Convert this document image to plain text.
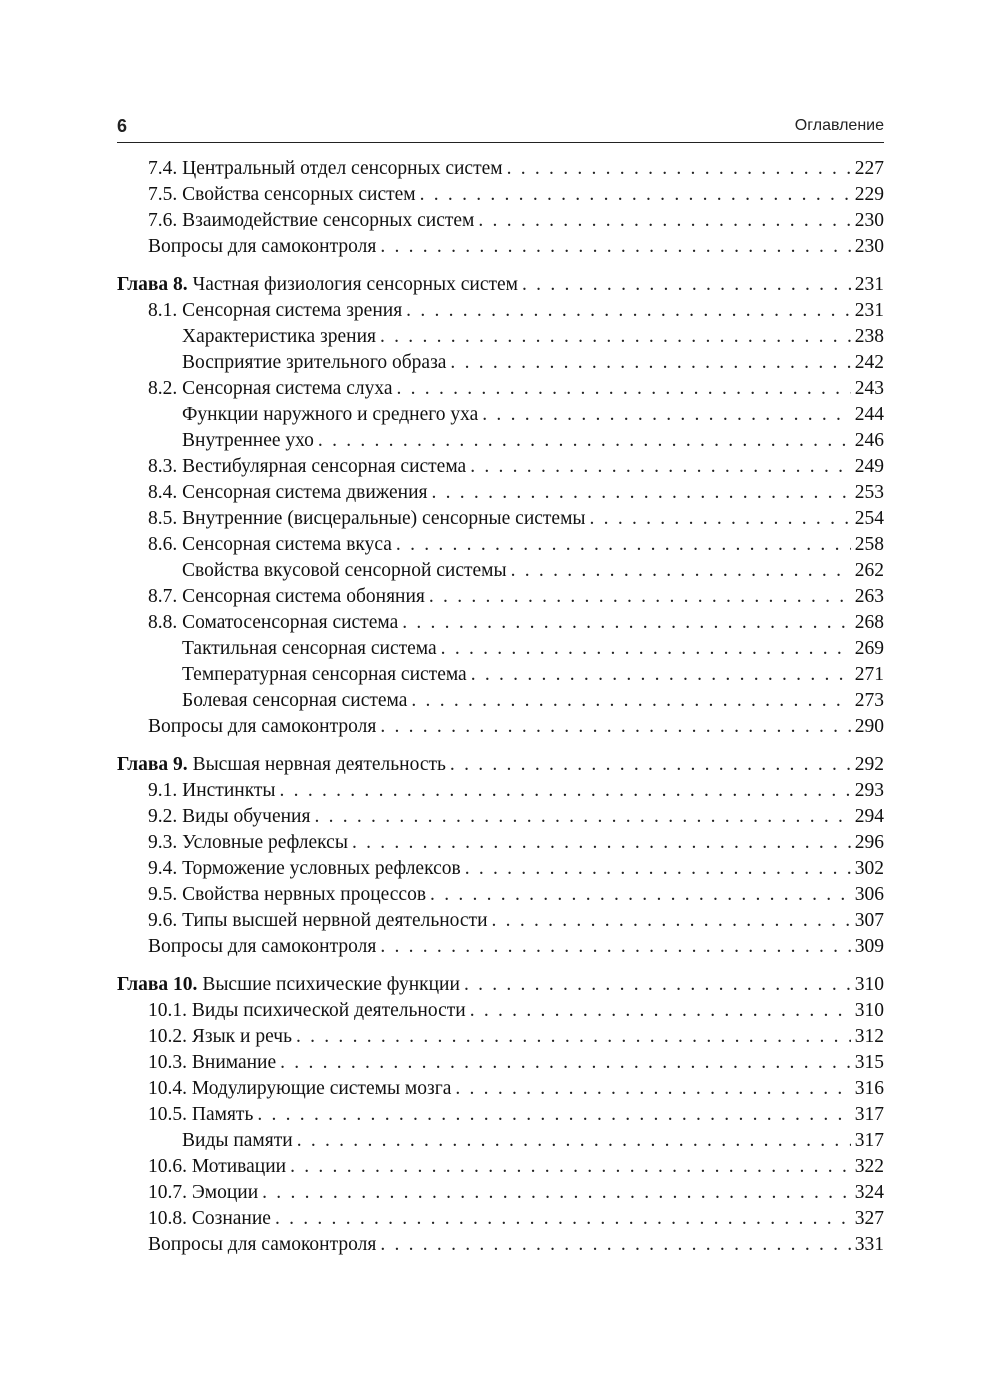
6	Оглавление
7.4. Центральный отдел сенсорных систем . . .	227
7.5. Свойства сенсорных систем . . .	229
7.6. Взаимодействие сенсорных систем . . .	230
Вопросы для самоконтроля . . .	230
Глава 8. Частная физиология сенсорных систем . . .	231
8.1. Сенсорная система зрения . . .	231
Характеристика зрения . . .	238
Восприятие зрительного образа . . .	242
8.2. Сенсорная система слуха . . .	243
Функции наружного и среднего уха . . .	244
Внутреннее ухо . . .	246
8.3. Вестибулярная сенсорная система . . .	249
8.4. Сенсорная система движения . . .	253
8.5. Внутренние (висцеральные) сенсорные системы . . .	254
8.6. Сенсорная система вкуса . . .	258
Свойства вкусовой сенсорной системы . . .	262
8.7. Сенсорная система обоняния . . .	263
8.8. Соматосенсорная система . . .	268
Тактильная сенсорная система . . .	269
Температурная сенсорная система . . .	271
Болевая сенсорная система . . .	273
Вопросы для самоконтроля . . .	290
Глава 9. Высшая нервная деятельность . . .	292
9.1. Инстинкты . . .	293
9.2. Виды обучения . . .	294
9.3. Условные рефлексы . . .	296
9.4. Торможение условных рефлексов . . .	302
9.5. Свойства нервных процессов . . .	306
9.6. Типы высшей нервной деятельности . . .	307
Вопросы для самоконтроля . . .	309
Глава 10. Высшие психические функции . . .	310
10.1. Виды психической деятельности . . .	310
10.2. Язык и речь . . .	312
10.3. Внимание . . .	315
10.4. Модулирующие системы мозга . . .	316
10.5. Память . . .	317
Виды памяти . . .	317
10.6. Мотивации . . .	322
10.7. Эмоции . . .	324
10.8. Сознание . . .	327
Вопросы для самоконтроля . . .	331
